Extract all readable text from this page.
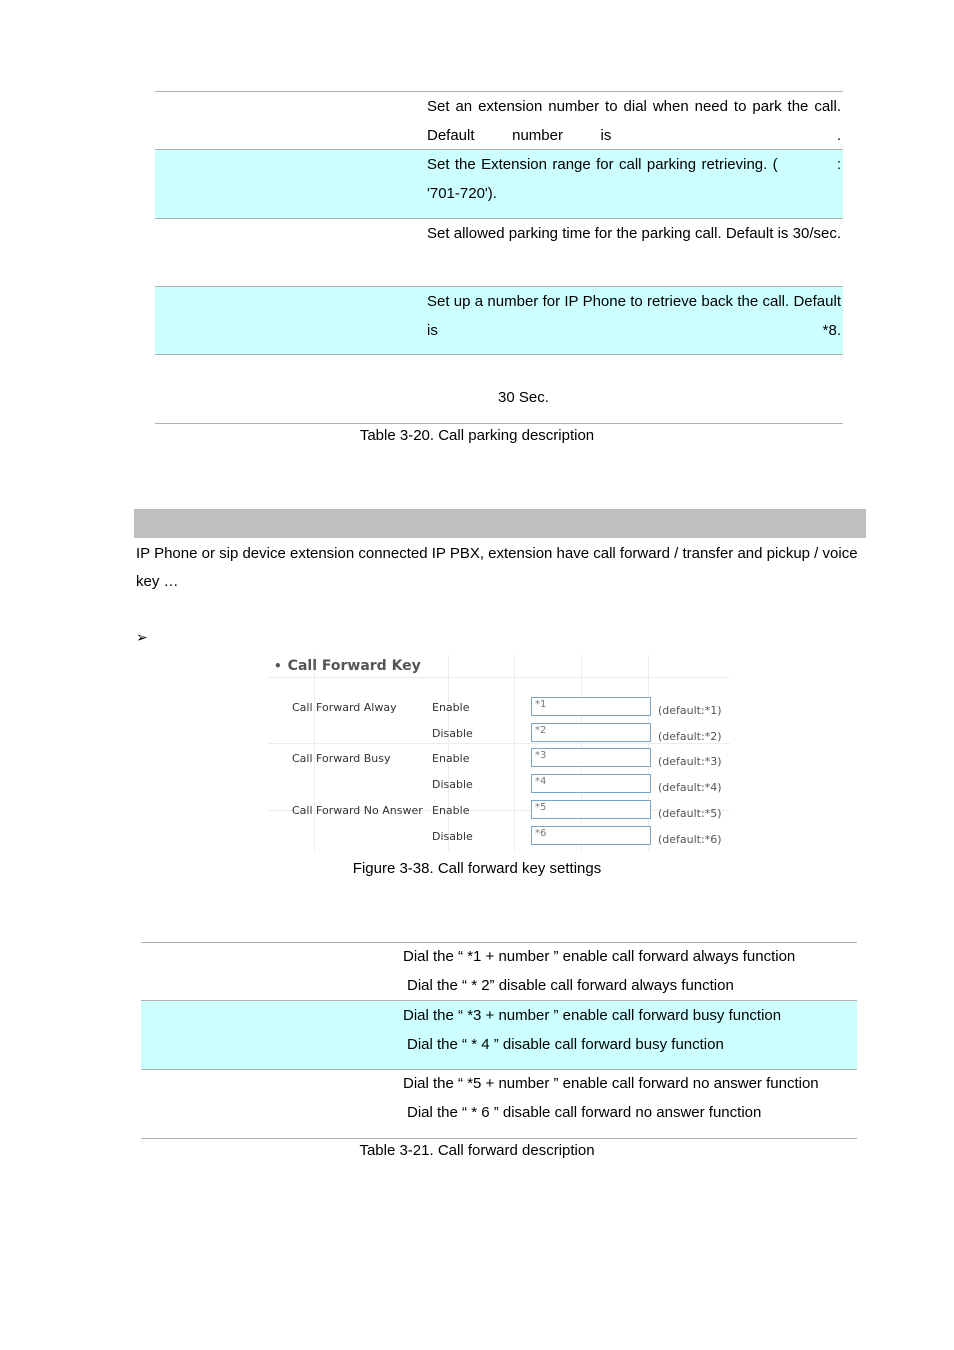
Set an extension number to dial when need to park the call. Default number is      .
Set the Extension range for call parking retrieving. (           : '701-720').
Set allowed parking time for the parking call. Default is 30/sec.
Set up a number for IP Phone to retrieve back the call. Default is *8.
30 Sec.
Table 3-20. Call parking description
IP Phone or sip device extension connected IP PBX, extension have call forward / transfer and pickup / voice key …
➢
• Call Forward Key
Call Forward Alway	Enable	*1	(default:*1)
Disable	*2	(default:*2)
Call Forward Busy	Enable	*3	(default:*3)
Disable	*4	(default:*4)
Call Forward No Answer Enable	*5	(default:*5)
Disable	*6	(default:*6)
Figure 3-38. Call forward key settings
Dial the “ *1 + number ” enable call forward always function
Dial the “ * 2” disable call forward always function
Dial the “ *3 + number ” enable call forward busy function
Dial the “ * 4 ” disable call forward busy function
Dial the “ *5 + number ” enable call forward no answer function
Dial the “ * 6 ” disable call forward no answer function
Table 3-21. Call forward description
